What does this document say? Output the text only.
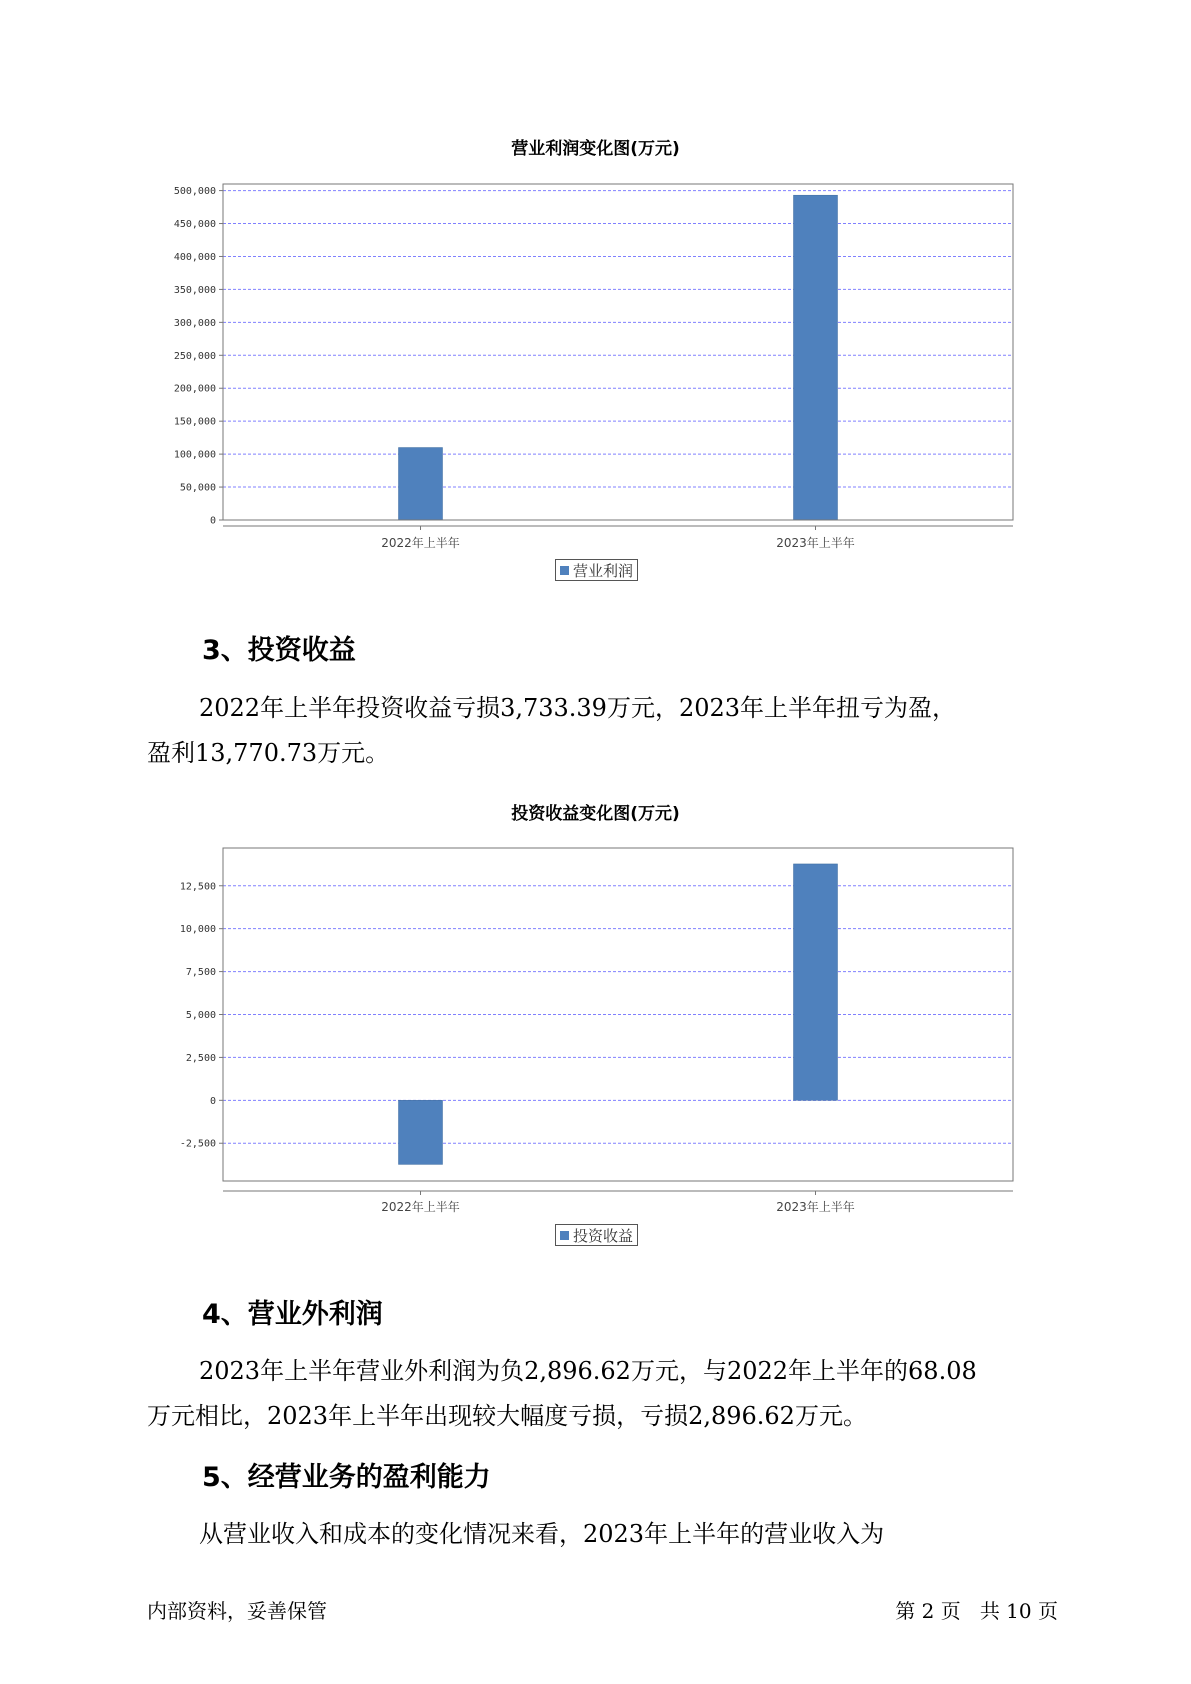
营业利润变化图(万元)
0
50,000
100,000
150,000
200,000
250,000
300,000
350,000
400,000
450,000
500,000
2022年上半年	2023年上半年
营业利润
3、投资收益
2022年上半年投资收益亏损3,733.39万元，2023年上半年扭亏为盈，
盈利13,770.73万元。
投资收益变化图(万元)
-2,500
0
2,500
5,000
7,500
10,000
12,500
2022年上半年	2023年上半年
投资收益
4、营业外利润
2023年上半年营业外利润为负2,896.62万元，与2022年上半年的68.08
万元相比，2023年上半年出现较大幅度亏损，亏损2,896.62万元。
5、经营业务的盈利能力
从营业收入和成本的变化情况来看，2023年上半年的营业收入为
内部资料，妥善保管	第 2 页   共 10 页
